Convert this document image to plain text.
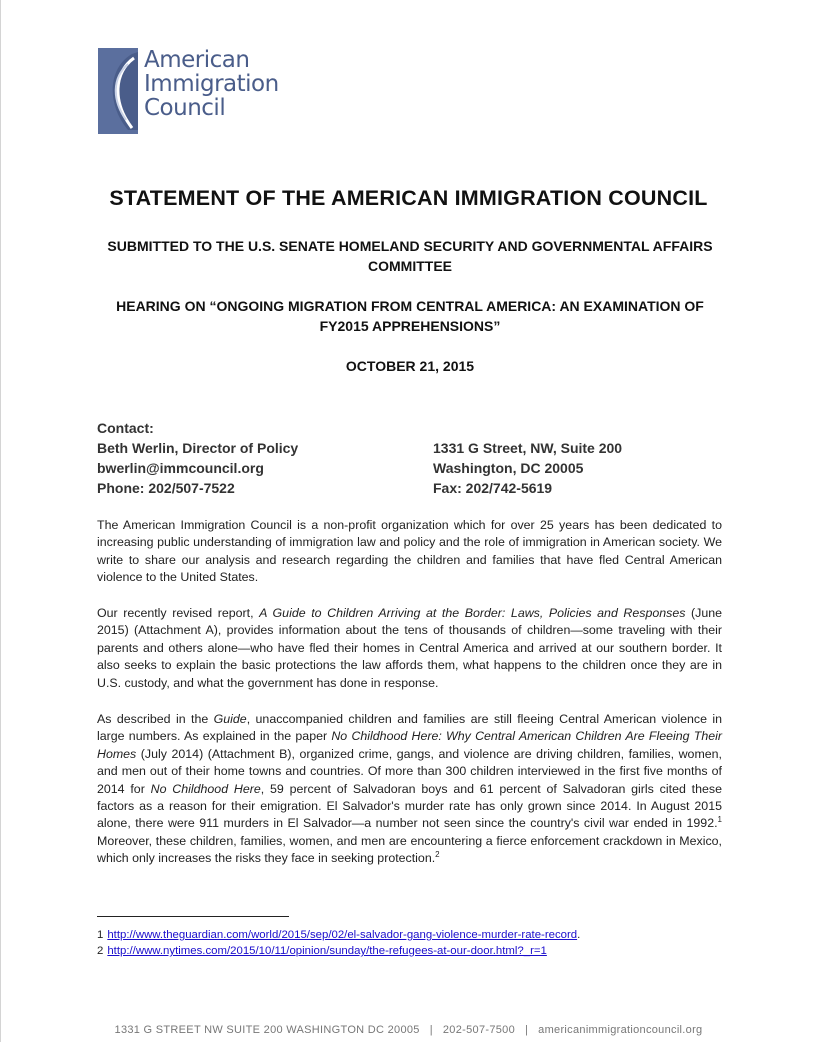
American
Immigration
Council
STATEMENT OF THE AMERICAN IMMIGRATION COUNCIL
SUBMITTED TO THE U.S. SENATE HOMELAND SECURITY AND GOVERNMENTAL AFFAIRS COMMITTEE
HEARING ON “ONGOING MIGRATION FROM CENTRAL AMERICA: AN EXAMINATION OF FY2015 APPREHENSIONS”
OCTOBER 21, 2015
Contact:
Beth Werlin, Director of Policy	1331 G Street, NW, Suite 200
bwerlin@immcouncil.org	Washington, DC 20005
Phone: 202/507-7522	Fax: 202/742-5619
The American Immigration Council is a non-profit organization which for over 25 years has been dedicated to increasing public understanding of immigration law and policy and the role of immigration in American society. We write to share our analysis and research regarding the children and families that have fled Central American violence to the United States.
Our recently revised report, A Guide to Children Arriving at the Border: Laws, Policies and Responses (June 2015) (Attachment A), provides information about the tens of thousands of children—some traveling with their parents and others alone—who have fled their homes in Central America and arrived at our southern border. It also seeks to explain the basic protections the law affords them, what happens to the children once they are in U.S. custody, and what the government has done in response.
As described in the Guide, unaccompanied children and families are still fleeing Central American violence in large numbers. As explained in the paper No Childhood Here: Why Central American Children Are Fleeing Their Homes (July 2014) (Attachment B), organized crime, gangs, and violence are driving children, families, women, and men out of their home towns and countries. Of more than 300 children interviewed in the first five months of 2014 for No Childhood Here, 59 percent of Salvadoran boys and 61 percent of Salvadoran girls cited these factors as a reason for their emigration. El Salvador's murder rate has only grown since 2014. In August 2015 alone, there were 911 murders in El Salvador—a number not seen since the country's civil war ended in 1992.$^1$ Moreover, these children, families, women, and men are encountering a fierce enforcement crackdown in Mexico, which only increases the risks they face in seeking protection.$^2$
1 http://www.theguardian.com/world/2015/sep/02/el-salvador-gang-violence-murder-rate-record.
2 http://www.nytimes.com/2015/10/11/opinion/sunday/the-refugees-at-our-door.html?_r=1
1331 G STREET NW SUITE 200 WASHINGTON DC 20005 | 202-507-7500 | americanimmigrationcouncil.org
